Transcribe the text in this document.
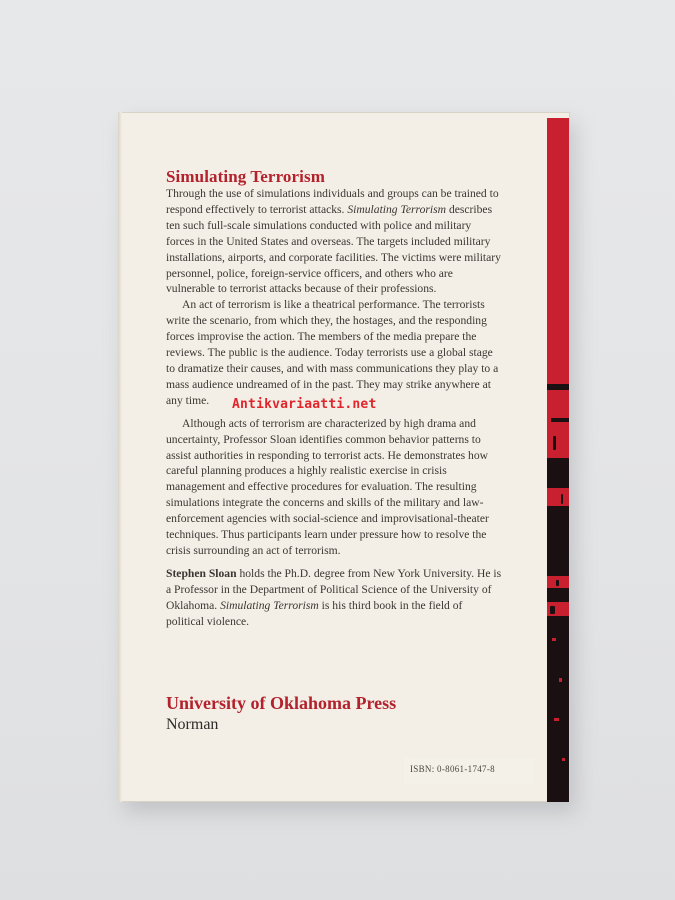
Simulating Terrorism

Through the use of simulations individuals and groups can be trained to respond effectively to terrorist attacks. Simulating Terrorism describes ten such full-scale simulations conducted with police and military forces in the United States and overseas. The targets included military installations, airports, and corporate facilities. The victims were military personnel, police, foreign-service officers, and others who are vulnerable to terrorist attacks because of their professions.

An act of terrorism is like a theatrical performance. The terrorists write the scenario, from which they, the hostages, and the responding forces improvise the action. The members of the media prepare the reviews. The public is the audience. Today terrorists use a global stage to dramatize their causes, and with mass communications they play to a mass audience undreamed of in the past. They may strike anywhere at any time.

Although acts of terrorism are characterized by high drama and uncertainty, Professor Sloan identifies common behavior patterns to assist authorities in responding to terrorist acts. He demonstrates how careful planning produces a highly realistic exercise in crisis management and effective procedures for evaluation. The resulting simulations integrate the concerns and skills of the military and law-enforcement agencies with social-science and improvisational-theater techniques. Thus participants learn under pressure how to resolve the crisis surrounding an act of terrorism.

Stephen Sloan holds the Ph.D. degree from New York University. He is a Professor in the Department of Political Science of the University of Oklahoma. Simulating Terrorism is his third book in the field of political violence.

Antikvariaatti.net
University of Oklahoma Press
Norman
ISBN: 0-8061-1747-8
